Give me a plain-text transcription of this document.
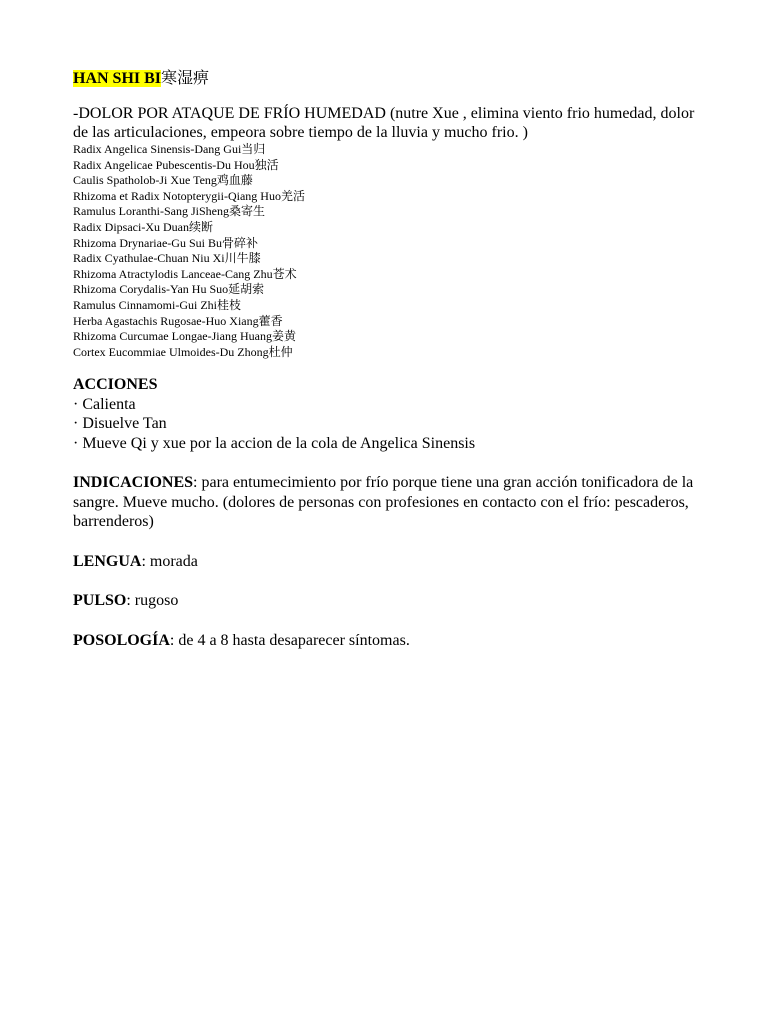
HAN SHI BI寒湿痹

-DOLOR POR ATAQUE DE FRÍO HUMEDAD (nutre Xue , elimina viento frio humedad, dolor de las articulaciones, empeora sobre tiempo de la lluvia y mucho frio. )

Radix Angelica Sinensis-Dang Gui当归
Radix Angelicae Pubescentis-Du Hou独活
Caulis Spatholob-Ji Xue Teng鸡血藤
Rhizoma et Radix Notopterygii-Qiang Huo羌活
Ramulus Loranthi-Sang JiSheng桑寄生
Radix Dipsaci-Xu Duan续断
Rhizoma Drynariae-Gu Sui Bu骨碎补
Radix Cyathulae-Chuan Niu Xi川牛膝
Rhizoma Atractylodis Lanceae-Cang Zhu苍术
Rhizoma Corydalis-Yan Hu Suo延胡索
Ramulus Cinnamomi-Gui Zhi桂枝
Herba Agastachis Rugosae-Huo Xiang藿香
Rhizoma Curcumae Longae-Jiang Huang姜黄
Cortex Eucommiae Ulmoides-Du Zhong杜仲

ACCIONES

· Calienta
· Disuelve Tan
· Mueve Qi y xue por la accion de la cola de Angelica Sinensis

INDICACIONES: para entumecimiento por frío porque tiene una gran acción tonificadora de la sangre. Mueve mucho. (dolores de personas con profesiones en contacto con el frío: pescaderos, barrenderos)

LENGUA: morada

PULSO: rugoso

POSOLOGÍA: de 4 a 8 hasta desaparecer síntomas.
